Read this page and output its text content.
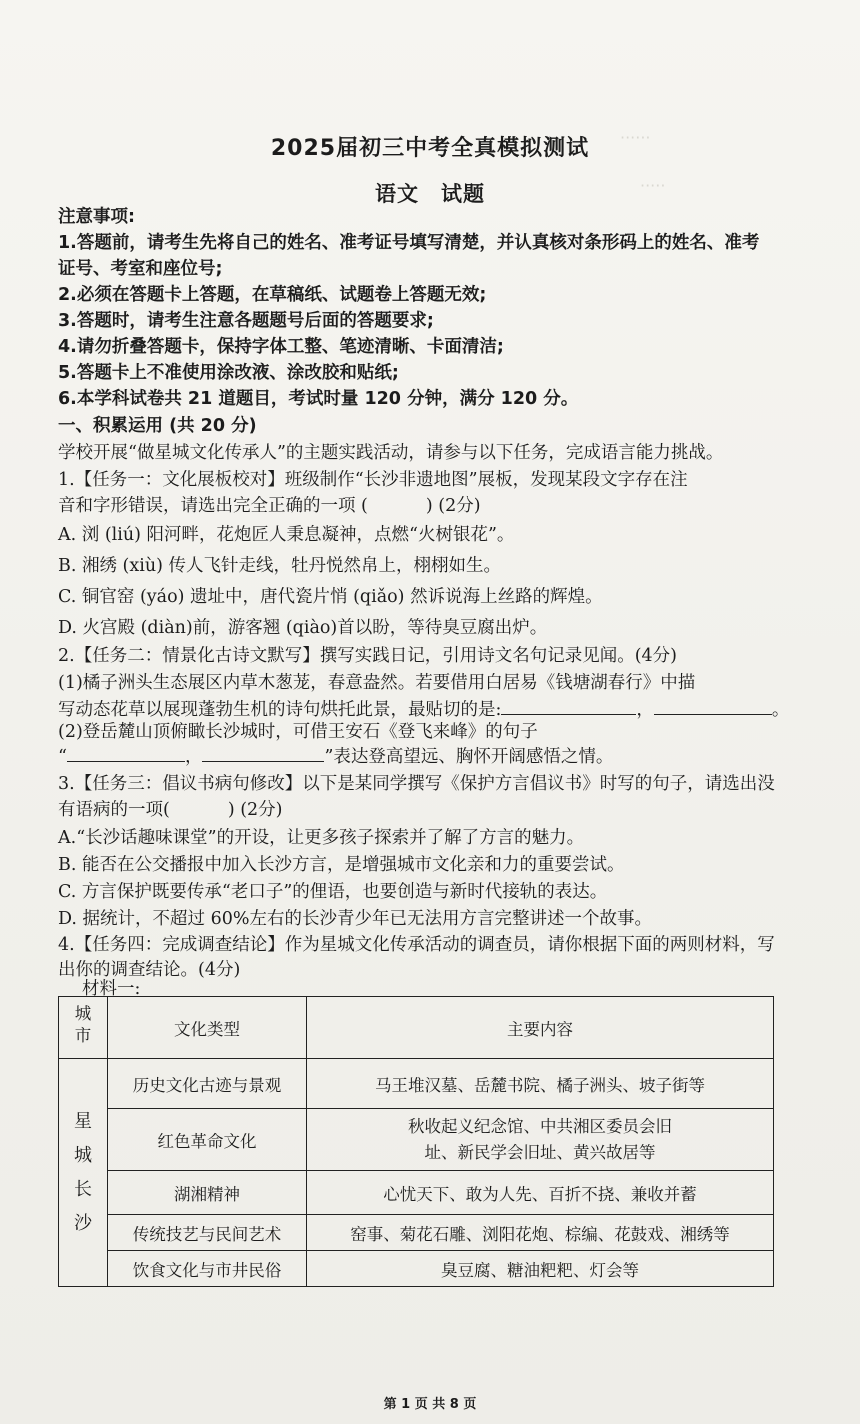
······
·····
2025届初三中考全真模拟测试
语文 试题
注意事项:
1.答题前，请考生先将自己的姓名、准考证号填写清楚，并认真核对条形码上的姓名、准考
证号、考室和座位号;
2.必须在答题卡上答题，在草稿纸、试题卷上答题无效;
3.答题时，请考生注意各题题号后面的答题要求;
4.请勿折叠答题卡，保持字体工整、笔迹清晰、卡面清洁;
5.答题卡上不准使用涂改液、涂改胶和贴纸;
6.本学科试卷共 21 道题目，考试时量 120 分钟，满分 120 分。
一、积累运用 (共 20 分)
学校开展“做星城文化传承人”的主题实践活动，请参与以下任务，完成语言能力挑战。
1.【任务一：文化展板校对】班级制作“长沙非遗地图”展板，发现某段文字存在注
音和字形错误，请选出完全正确的一项 (	) (2分)
A. 浏 (liú) 阳河畔，花炮匠人秉息凝神，点燃“火树银花”。
B. 湘绣 (xiù) 传人飞针走线，牡丹悦然帛上，栩栩如生。
C. 铜官窑 (yáo) 遗址中，唐代瓷片悄 (qiǎo) 然诉说海上丝路的辉煌。
D. 火宫殿 (diàn)前，游客翘 (qiào)首以盼，等待臭豆腐出炉。
2.【任务二：情景化古诗文默写】撰写实践日记，引用诗文名句记录见闻。(4分)
(1)橘子洲头生态展区内草木葱茏，春意盎然。若要借用白居易《钱塘湖春行》中描
写动态花草以展现蓬勃生机的诗句烘托此景，最贴切的是:	，	。
(2)登岳麓山顶俯瞰长沙城时，可借王安石《登飞来峰》的句子
“	，	”表达登高望远、胸怀开阔感悟之情。
3.【任务三：倡议书病句修改】以下是某同学撰写《保护方言倡议书》时写的句子，请选出没
有语病的一项(	) (2分)
A.“长沙话趣味课堂”的开设，让更多孩子探索并了解了方言的魅力。
B. 能否在公交播报中加入长沙方言，是增强城市文化亲和力的重要尝试。
C. 方言保护既要传承“老口子”的俚语，也要创造与新时代接轨的表达。
D. 据统计，不超过 60%左右的长沙青少年已无法用方言完整讲述一个故事。
4.【任务四：完成调查结论】作为星城文化传承活动的调查员，请你根据下面的两则材料，写
出你的调查结论。(4分)
材料一:
城市	文化类型	主要内容
星城长沙	历史文化古迹与景观	马王堆汉墓、岳麓书院、橘子洲头、坡子街等
	红色革命文化	秋收起义纪念馆、中共湘区委员会旧址、新民学会旧址、黄兴故居等
	湖湘精神	心忧天下、敢为人先、百折不挠、兼收并蓄
	传统技艺与民间艺术	窑事、菊花石雕、浏阳花炮、棕编、花鼓戏、湘绣等
	饮食文化与市井民俗	臭豆腐、糖油粑粑、灯会等
第 1 页 共 8 页
